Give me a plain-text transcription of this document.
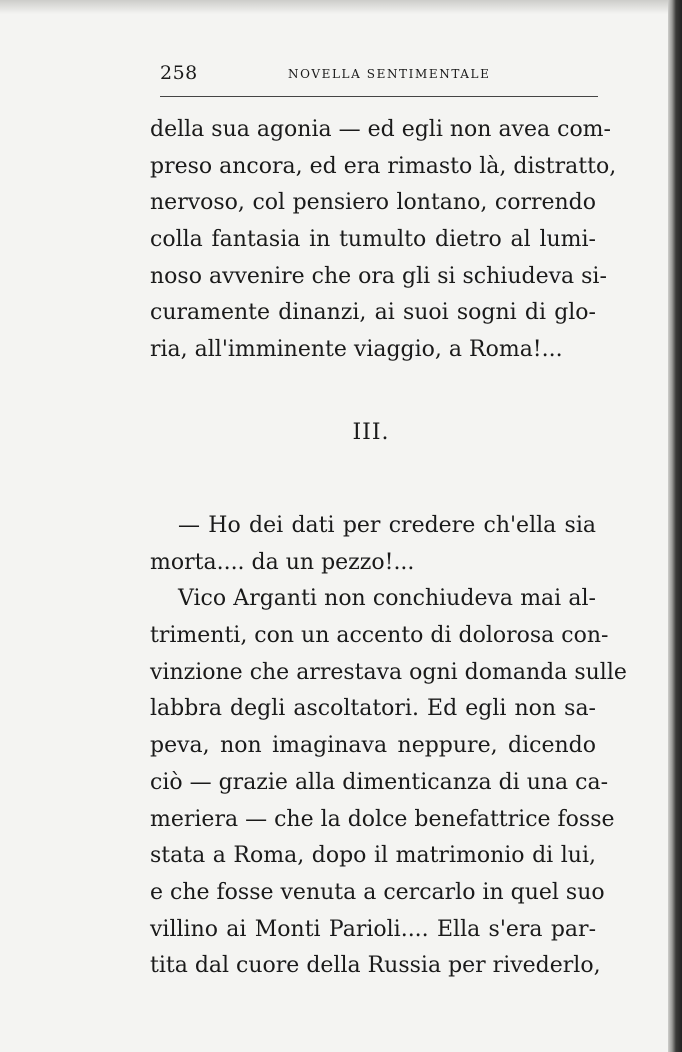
258	NOVELLA SENTIMENTALE
della sua agonia — ed egli non avea com-
preso ancora, ed era rimasto là, distratto,
nervoso, col pensiero lontano, correndo
colla fantasia in tumulto dietro al lumi-
noso avvenire che ora gli si schiudeva si-
curamente dinanzi, ai suoi sogni di glo-
ria, all'imminente viaggio, a Roma!...
III.
— Ho dei dati per credere ch'ella sia
morta.... da un pezzo!...
Vico Arganti non conchiudeva mai al-
trimenti, con un accento di dolorosa con-
vinzione che arrestava ogni domanda sulle
labbra degli ascoltatori. Ed egli non sa-
peva, non imaginava neppure, dicendo
ciò — grazie alla dimenticanza di una ca-
meriera — che la dolce benefattrice fosse
stata a Roma, dopo il matrimonio di lui,
e che fosse venuta a cercarlo in quel suo
villino ai Monti Parioli.... Ella s'era par-
tita dal cuore della Russia per rivederlo,
